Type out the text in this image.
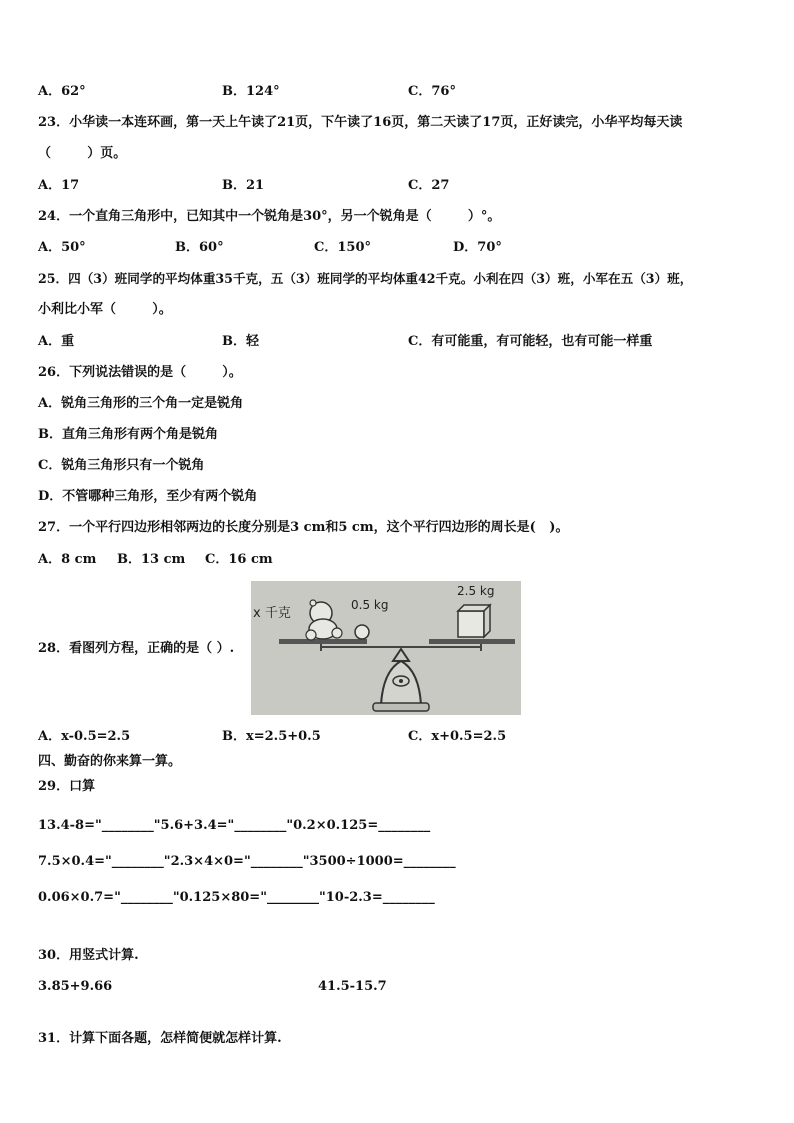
A．62°	B．124°	C．76°
23．小华读一本连环画，第一天上午读了21页，下午读了16页，第二天读了17页，正好读完，小华平均每天读
（        ）页。
A．17	B．21	C．27
24．一个直角三角形中，已知其中一个锐角是30°，另一个锐角是（        ）°。
A．50°	B．60°	C．150°	D．70°
25．四（3）班同学的平均体重35千克，五（3）班同学的平均体重42千克。小利在四（3）班，小军在五（3）班，
小利比小军（        ）。
A．重	B．轻	C．有可能重，有可能轻，也有可能一样重
26．下列说法错误的是（        ）。
A．锐角三角形的三个角一定是锐角
B．直角三角形有两个角是锐角
C．锐角三角形只有一个锐角
D．不管哪种三角形，至少有两个锐角
27．一个平行四边形相邻两边的长度分别是3 cm和5 cm，这个平行四边形的周长是(   )。
A．8 cm B．13 cm C．16 cm
28．看图列方程，正确的是（ ）.
x 千克
0.5 kg
2.5 kg
A．x-0.5=2.5	B．x=2.5+0.5	C．x+0.5=2.5
四、勤奋的你来算一算。
29．口算
13.4-8="________"5.6+3.4="________"0.2×0.125=________
7.5×0.4="________"2.3×4×0="________"3500÷1000=________
0.06×0.7="________"0.125×80="________"10-2.3=________
30．用竖式计算.
3.85+9.66	41.5-15.7
31．计算下面各题，怎样简便就怎样计算.
